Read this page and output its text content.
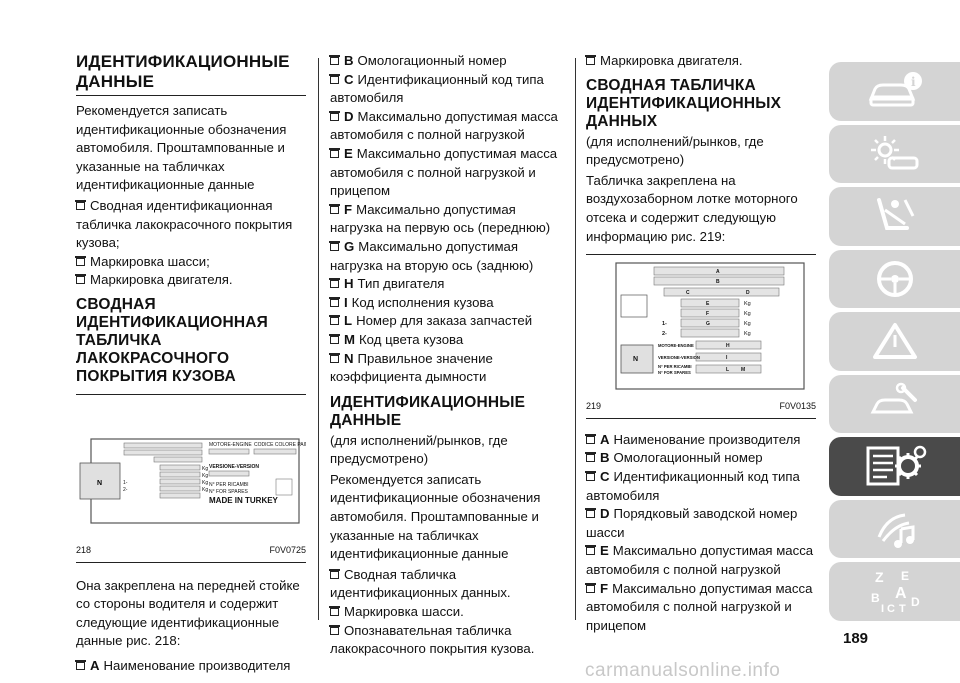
ИДЕНТИФИКАЦИОННЫЕ ДАННЫЕ

Рекомендуется записать идентификационные обозначения автомобиля. Проштампованные и указанные на табличках идентификационные данные

Сводная идентификационная табличка лакокрасочного покрытия кузова;

Маркировка шасси;

Маркировка двигателя.

СВОДНАЯ ИДЕНТИФИКАЦИОННАЯ ТАБЛИЧКА ЛАКОКРАСОЧНОГО ПОКРЫТИЯ КУЗОВА
N
MOTORE-ENGINE CODICE COLORE PAINT
VERSIONE-VERSION
N° PER RICAMBI
N° FOR SPARES
MADE IN TURKEY
Kg
Kg
Kg
Kg
1-
2-
218	F0V0725

Она закреплена на передней стойке со стороны водителя и содержит следующие идентификационные данные рис. 218:

A Наименование производителя

B Омологационный номер

C Идентификационный код типа автомобиля

D Максимально допустимая масса автомобиля с полной нагрузкой

E Максимально допустимая масса автомобиля с полной нагрузкой и прицепом

F Максимально допустимая нагрузка на первую ось (переднюю)

G Максимально допустимая нагрузка на вторую ось (заднюю)

H Тип двигателя

I Код исполнения кузова

L Номер для заказа запчастей

M Код цвета кузова

N Правильное значение коэффициента дымности

ИДЕНТИФИКАЦИОННЫЕ ДАННЫЕ

(для исполнений/рынков, где предусмотрено)

Рекомендуется записать идентификационные обозначения автомобиля. Проштампованные и указанные на табличках идентификационные данные

Сводная табличка идентификационных данных.

Маркировка шасси.

Опознавательная табличка лакокрасочного покрытия кузова.

Маркировка двигателя.

СВОДНАЯ ТАБЛИЧКА ИДЕНТИФИКАЦИОННЫХ ДАННЫХ

(для исполнений/рынков, где предусмотрено)

Табличка закреплена на воздухозаборном лотке моторного отсека и содержит следующую информацию рис. 219:

A
B
C	D
E
F
G
H
I
L M
Kg
Kg
Kg
Kg
1-
2-
N
MOTORE-ENGINE
VERSIONE-VERSION
N° PER RICAMBI
N° FOR SPARES
219	F0V0135

A Наименование производителя

B Омологационный номер

C Идентификационный код типа автомобиля

D Порядковый заводской номер шасси

E Максимально допустимая масса автомобиля с полной нагрузкой

F Максимально допустимая масса автомобиля с полной нагрузкой и прицепом

i
Z E
A
B
I C T D
189
carmanualsonline.info
